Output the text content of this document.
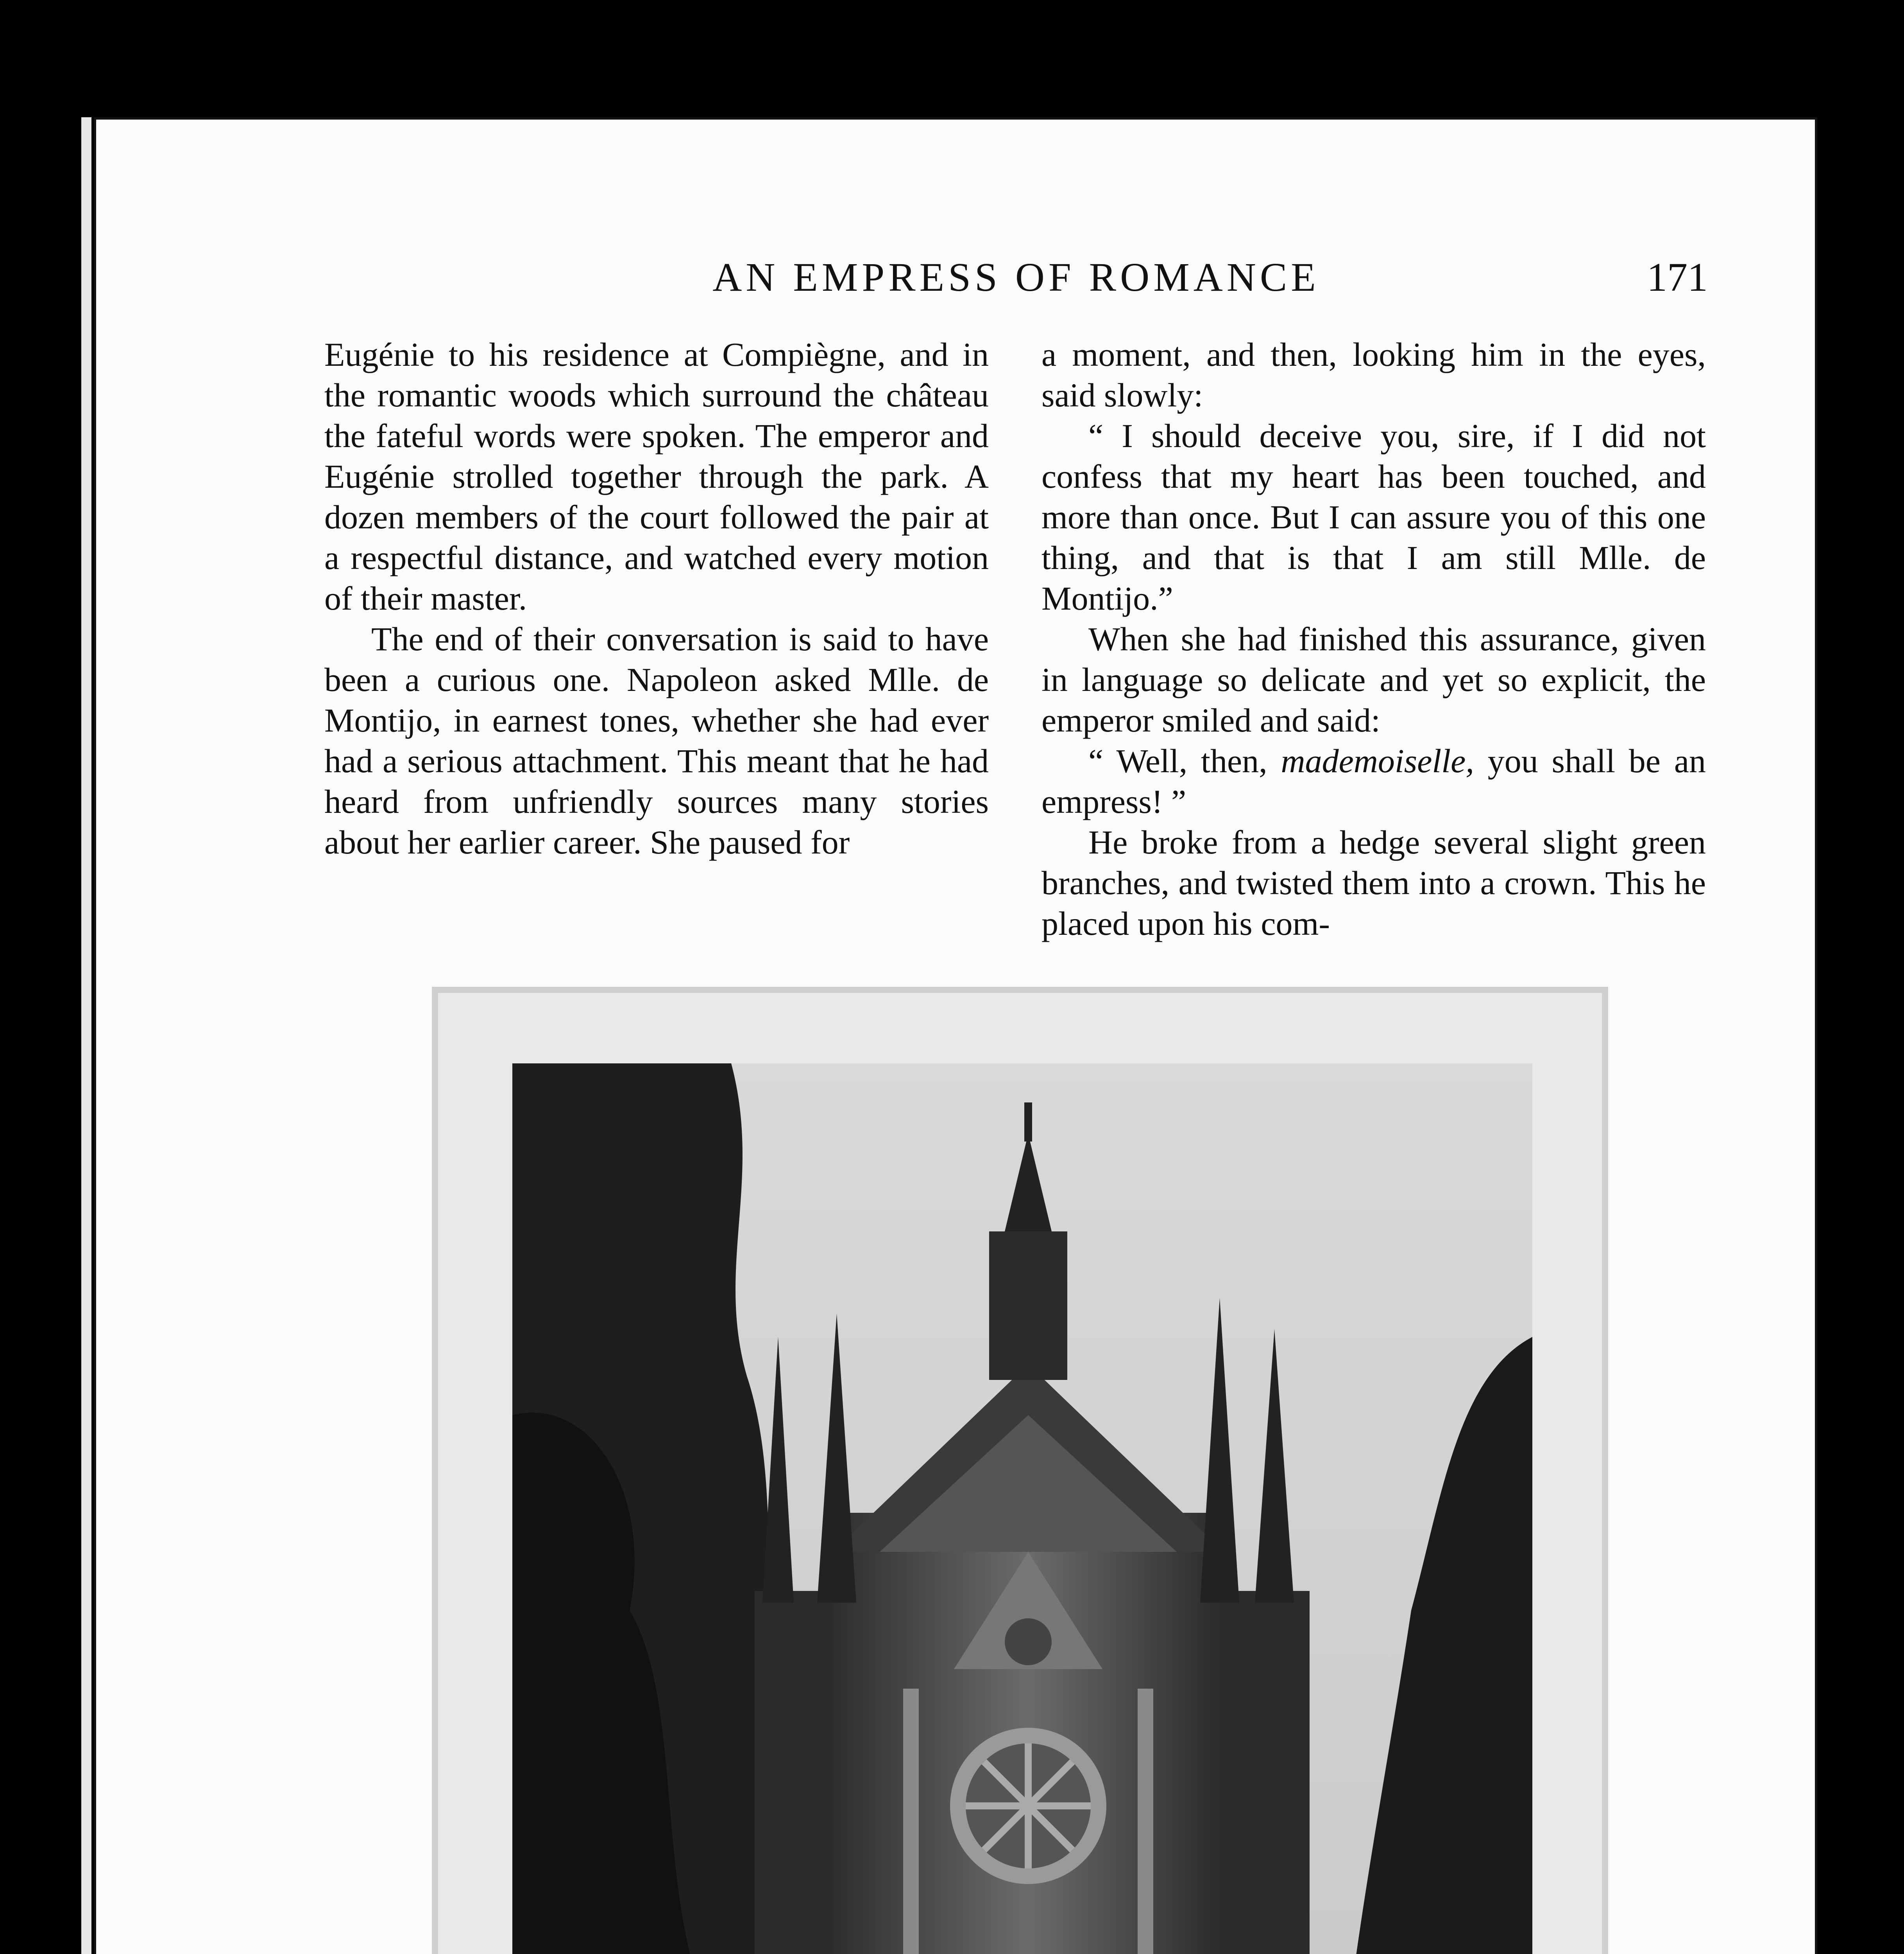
AN EMPRESS OF ROMANCE	171

Eugénie to his residence at Compiègne, and in the romantic woods which surround the château the fateful words were spoken. The emperor and Eugénie strolled together through the park. A dozen members of the court followed the pair at a respectful distance, and watched every motion of their master.

The end of their conversation is said to have been a curious one. Napoleon asked Mlle. de Montijo, in earnest tones, whether she had ever had a serious attachment. This meant that he had heard from unfriendly sources many stories about her earlier career. She paused for

a moment, and then, looking him in the eyes, said slowly:

“ I should deceive you, sire, if I did not confess that my heart has been touched, and more than once. But I can assure you of this one thing, and that is that I am still Mlle. de Montijo.”

When she had finished this assurance, given in language so delicate and yet so explicit, the emperor smiled and said:

“ Well, then, mademoiselle, you shall be an empress! ”

He broke from a hedge several slight green branches, and twisted them into a crown. This he placed upon his com-
